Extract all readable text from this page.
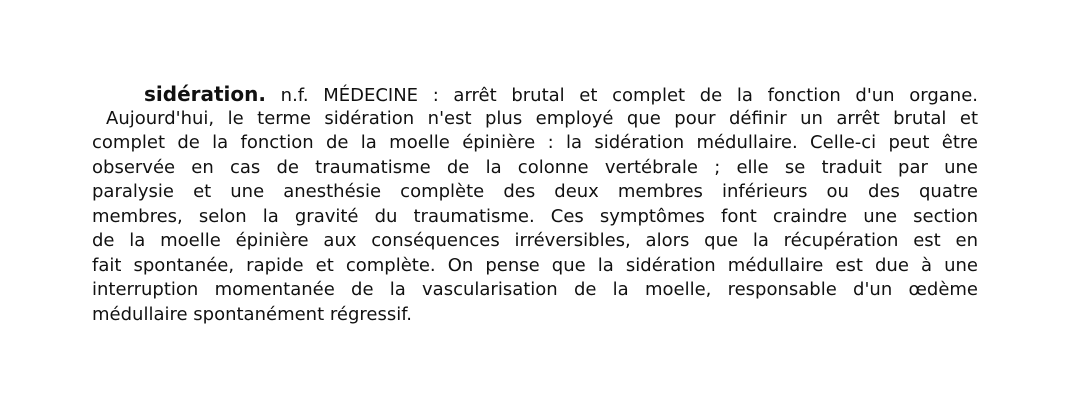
sidération. n.f. MÉDECINE : arrêt brutal et complet de la fonction d'un organe.
Aujourd'hui, le terme sidération n'est plus employé que pour définir un arrêt brutal et
complet de la fonction de la moelle épinière : la sidération médullaire. Celle-ci peut être
observée en cas de traumatisme de la colonne vertébrale ; elle se traduit par une
paralysie et une anesthésie complète des deux membres inférieurs ou des quatre
membres, selon la gravité du traumatisme. Ces symptômes font craindre une section
de la moelle épinière aux conséquences irréversibles, alors que la récupération est en
fait spontanée, rapide et complète. On pense que la sidération médullaire est due à une
interruption momentanée de la vascularisation de la moelle, responsable d'un œdème
médullaire spontanément régressif.
